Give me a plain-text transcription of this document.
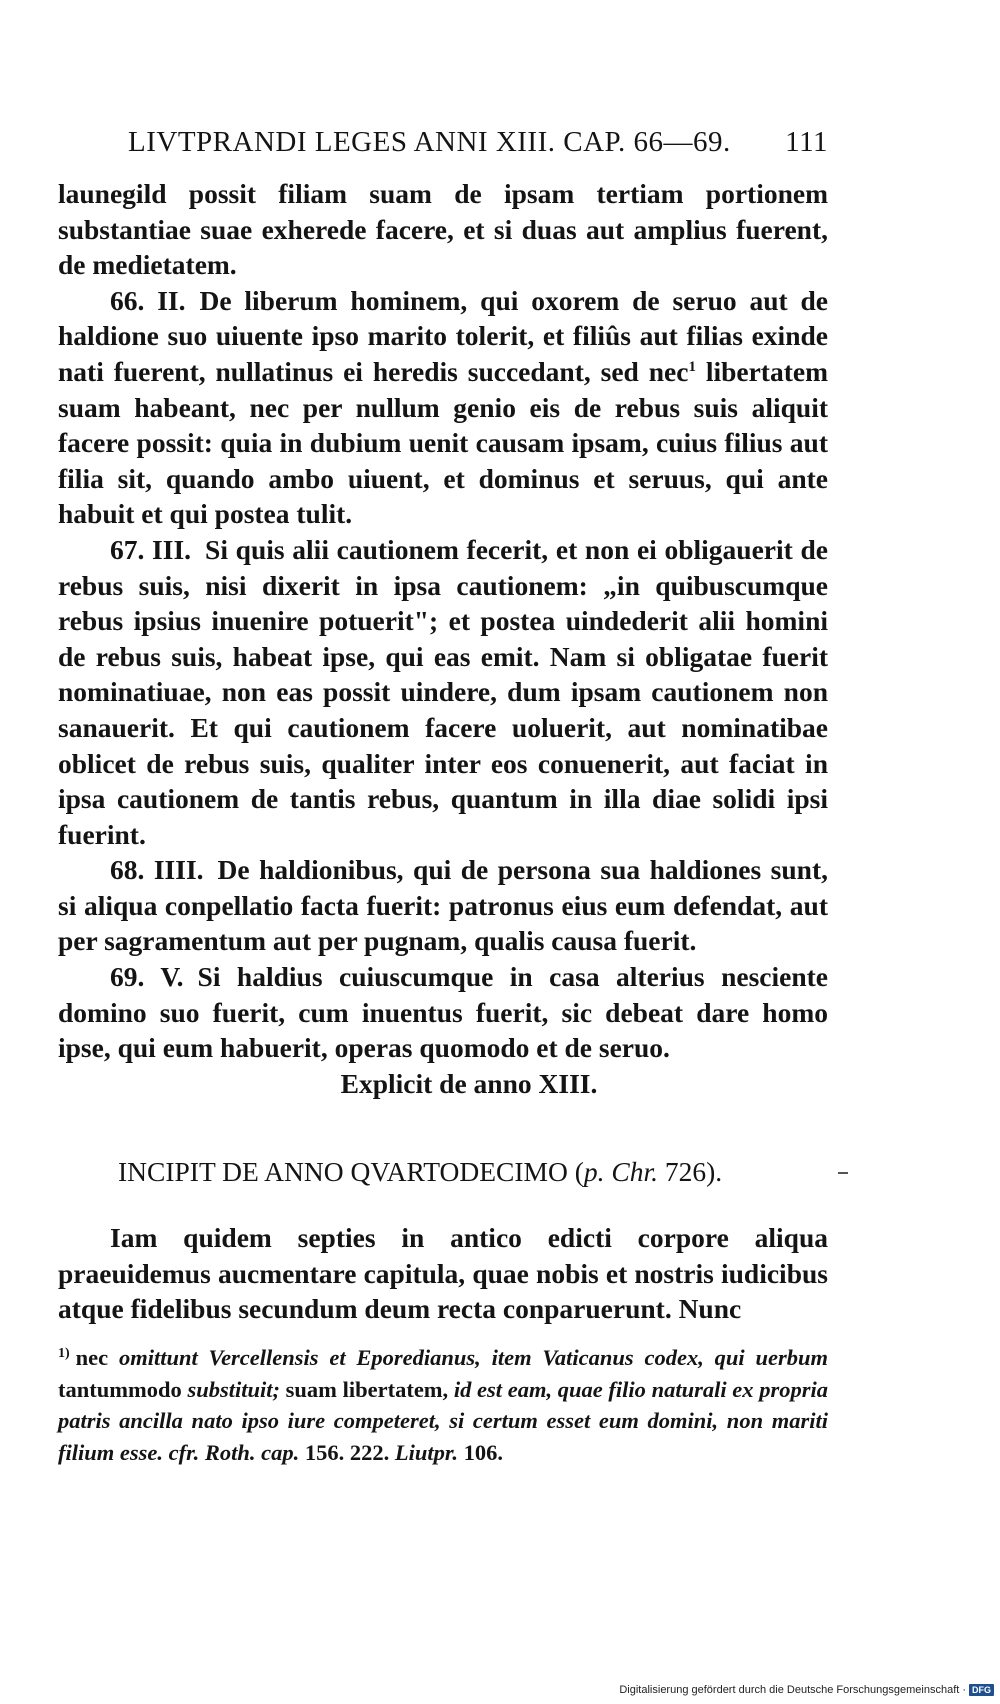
LIVTPRANDI LEGES ANNI XIII. CAP. 66—69. 111

launegild possit filiam suam de ipsam tertiam portionem substantiae suae exherede facere, et si duas aut amplius fuerent, de medietatem.

66. II. De liberum hominem, qui oxorem de seruo aut de haldione suo uiuente ipso marito tolerit, et filiûs aut filias exinde nati fuerent, nullatinus ei heredis succedant, sed nec$^1$ libertatem suam habeant, nec per nullum genio eis de rebus suis aliquit facere possit: quia in dubium uenit causam ipsam, cuius filius aut filia sit, quando ambo uiuent, et dominus et seruus, qui ante habuit et qui postea tulit.

67. III. Si quis alii cautionem fecerit, et non ei obligauerit de rebus suis, nisi dixerit in ipsa cautionem: „in quibuscumque rebus ipsius inuenire potuerit"; et postea uindederit alii homini de rebus suis, habeat ipse, qui eas emit. Nam si obligatae fuerit nominatiuae, non eas possit uindere, dum ipsam cautionem non sanauerit. Et qui cautionem facere uoluerit, aut nominatibae oblicet de rebus suis, qualiter inter eos conuenerit, aut faciat in ipsa cautionem de tantis rebus, quantum in illa diae solidi ipsi fuerint.

68. IIII. De haldionibus, qui de persona sua haldiones sunt, si aliqua conpellatio facta fuerit: patronus eius eum defendat, aut per sagramentum aut per pugnam, qualis causa fuerit.

69. V. Si haldius cuiuscumque in casa alterius nesciente domino suo fuerit, cum inuentus fuerit, sic debeat dare homo ipse, qui eum habuerit, operas quomodo et de seruo.

Explicit de anno XIII.

INCIPIT DE ANNO QVARTODECIMO (p. Chr. 726).

Iam quidem septies in antico edicti corpore aliqua praeuidemus aucmentare capitula, quae nobis et nostris iudicibus atque fidelibus secundum deum recta conparuerunt. Nunc

$^{1)}$ nec omittunt Vercellensis et Eporedianus, item Vaticanus codex, qui uerbum tantummodo substituit; suam libertatem, id est eam, quae filio naturali ex propria patris ancilla nato ipso iure competeret, si certum esset eum domini, non mariti filium esse. cfr. Roth. cap. 156. 222. Liutpr. 106.

Digitalisierung gefördert durch die Deutsche Forschungsgemeinschaft · DFG
